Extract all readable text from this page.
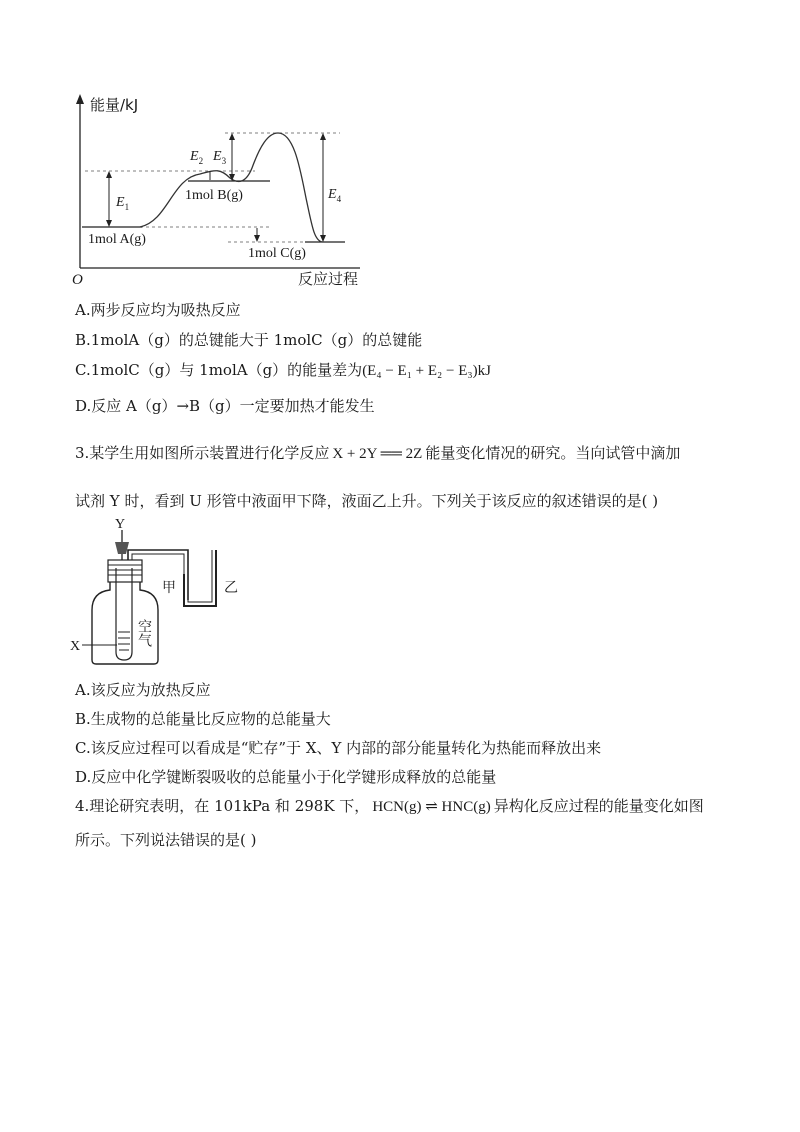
能量/kJ
O	反应过程
$E_1$
$E_2$ $E_3$
$E_4$
1mol B(g)
1mol A(g)
1mol C(g)
A.两步反应均为吸热反应
B.1molA（g）的总键能大于 1molC（g）的总键能
C.1molC（g）与 1molA（g）的能量差为(E₄ − E₁ + E₂ − E₃)kJ
D.反应 A（g）→B（g）一定要加热才能发生
3.某学生用如图所示装置进行化学反应 X + 2Y ══ 2Z 能量变化情况的研究。当向试管中滴加
试剂 Y 时，看到 U 形管中液面甲下降，液面乙上升。下列关于该反应的叙述错误的是( )
Y
X	空气
甲	乙
A.该反应为放热反应
B.生成物的总能量比反应物的总能量大
C.该反应过程可以看成是“贮存”于 X、Y 内部的部分能量转化为热能而释放出来
D.反应中化学键断裂吸收的总能量小于化学键形成释放的总能量
4.理论研究表明，在 101kPa 和 298K 下， HCN(g) ⇌ HNC(g) 异构化反应过程的能量变化如图
所示。下列说法错误的是( )
